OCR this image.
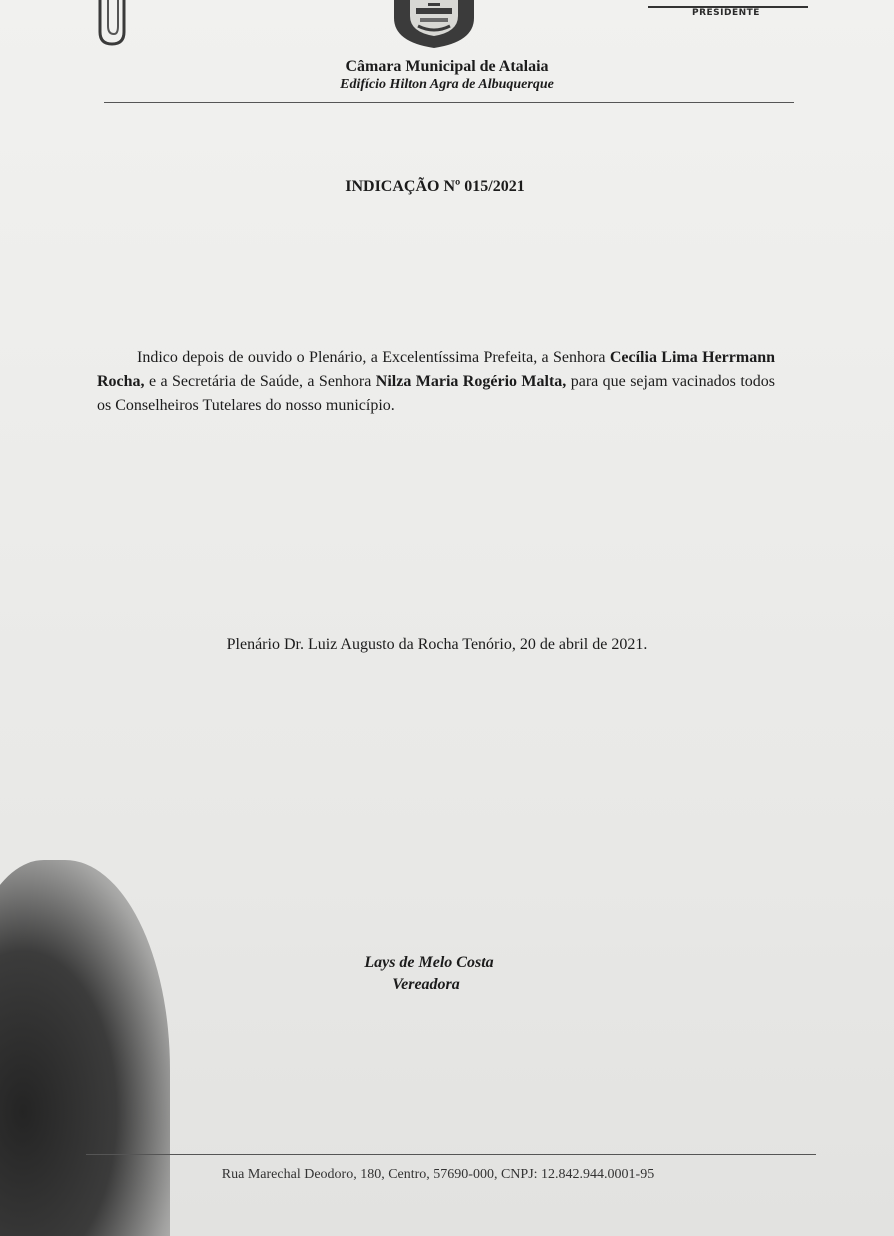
PRESIDENTE
Câmara Municipal de Atalaia
Edifício Hilton Agra de Albuquerque
INDICAÇÃO Nº 015/2021

Indico depois de ouvido o Plenário, a Excelentíssima Prefeita, a Senhora Cecília Lima Herrmann Rocha, e a Secretária de Saúde, a Senhora Nilza Maria Rogério Malta, para que sejam vacinados todos os Conselheiros Tutelares do nosso município.

Plenário Dr. Luiz Augusto da Rocha Tenório, 20 de abril de 2021.
Lays de Melo Costa
Vereadora
Rua Marechal Deodoro, 180, Centro, 57690-000, CNPJ: 12.842.944.0001-95
